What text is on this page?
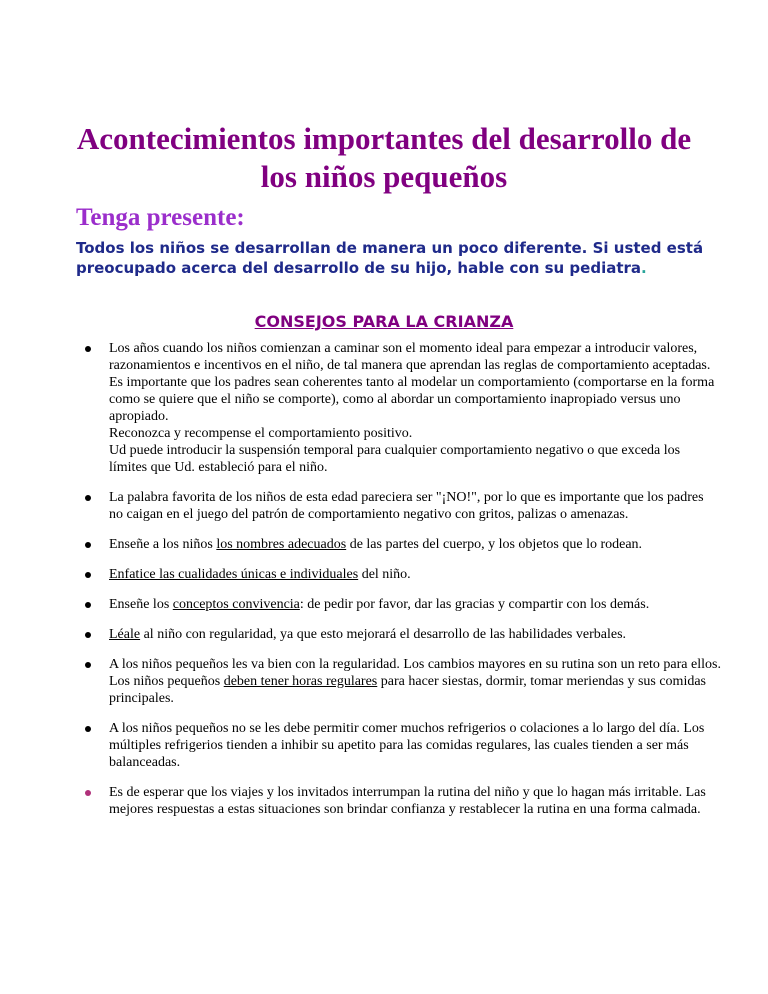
Acontecimientos importantes del desarrollo de los niños pequeños
Tenga presente:

Todos los niños se desarrollan de manera un poco diferente. Si usted está preocupado acerca del desarrollo de su hijo, hable con su pediatra.

CONSEJOS PARA LA CRIANZA
Los años cuando los niños comienzan a caminar son el momento ideal para empezar a introducir valores, razonamientos e incentivos en el niño, de tal manera que aprendan las reglas de comportamiento aceptadas. Es importante que los padres sean coherentes tanto al modelar un comportamiento (comportarse en la forma como se quiere que el niño se comporte), como al abordar un comportamiento inapropiado versus uno apropiado.
Reconozca y recompense el comportamiento positivo.
Ud puede introducir la suspensión temporal para cualquier comportamiento negativo o que exceda los límites que Ud. estableció para el niño.
La palabra favorita de los niños de esta edad pareciera ser "¡NO!", por lo que es importante que los padres no caigan en el juego del patrón de comportamiento negativo con gritos, palizas o amenazas.
Enseñe a los niños los nombres adecuados de las partes del cuerpo, y los objetos que lo rodean.
Enfatice las cualidades únicas e individuales del niño.
Enseñe los conceptos convivencia: de pedir por favor, dar las gracias y compartir con los demás.
Léale al niño con regularidad, ya que esto mejorará el desarrollo de las habilidades verbales.
A los niños pequeños les va bien con la regularidad. Los cambios mayores en su rutina son un reto para ellos. Los niños pequeños deben tener horas regulares para hacer siestas, dormir, tomar meriendas y sus comidas principales.
A los niños pequeños no se les debe permitir comer muchos refrigerios o colaciones a lo largo del día. Los múltiples refrigerios tienden a inhibir su apetito para las comidas regulares, las cuales tienden a ser más balanceadas.
Es de esperar que los viajes y los invitados interrumpan la rutina del niño y que lo hagan más irritable. Las mejores respuestas a estas situaciones son brindar confianza y restablecer la rutina en una forma calmada.
